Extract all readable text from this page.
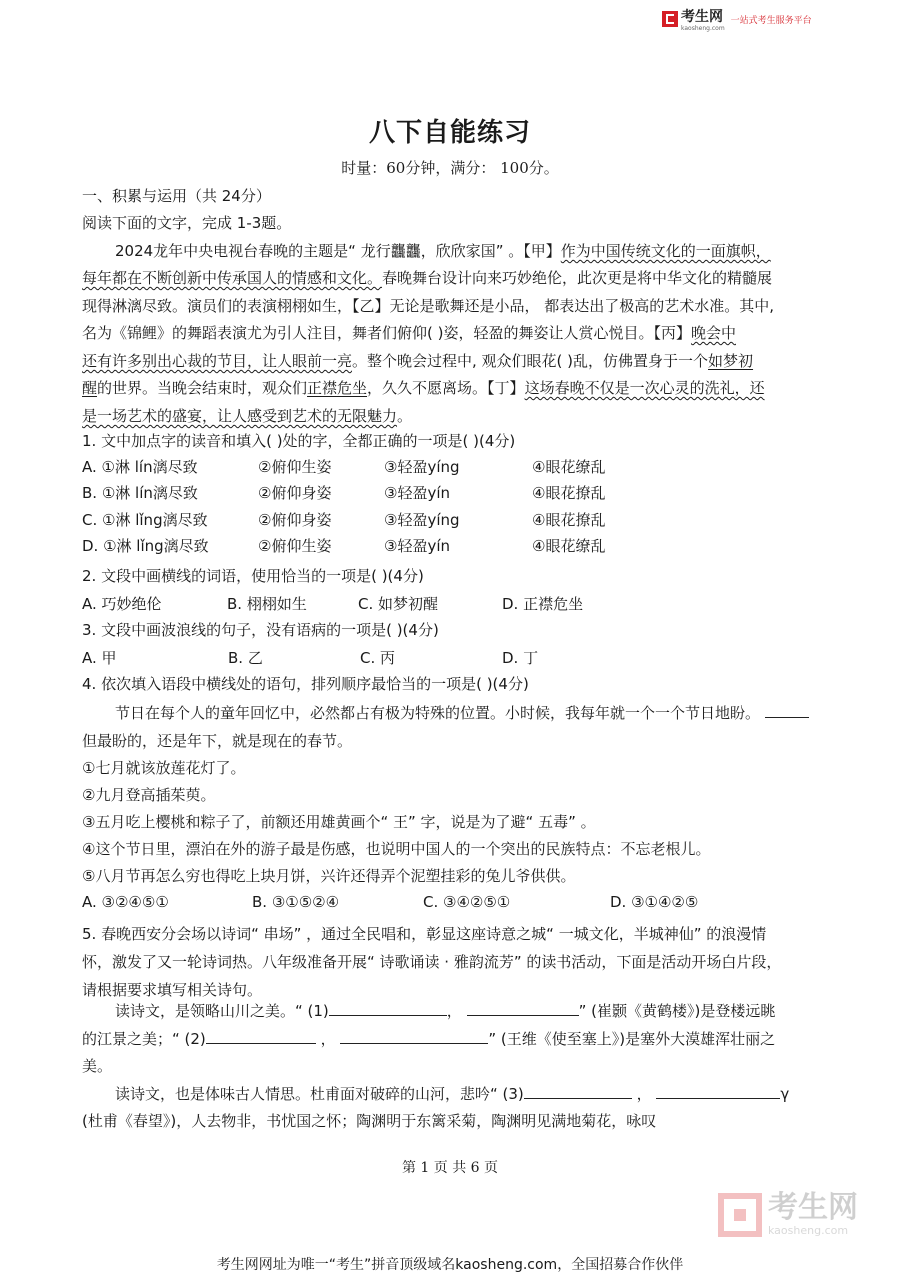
考生网
kaosheng.com
一站式考生服务平台
八下自能练习
时量：60分钟，满分： 100分。
一、积累与运用（共 24分）
阅读下面的文字，完成 1-3题。
2024龙年中央电视台春晚的主题是“ 龙行龘龘，欣欣家国” 。【甲】作为中国传统文化的一面旗帜，
每年都在不断创新中传承国人的情感和文化。春晚舞台设计向来巧妙绝伦，此次更是将中华文化的精髓展
现得淋漓尽致。演员们的表演栩栩如生，【乙】无论是歌舞还是小品， 都表达出了极高的艺术水准。其中,
名为《锦鲤》的舞蹈表演尤为引人注目，舞者们俯仰( )姿，轻盈的舞姿让人赏心悦目。【丙】晚会中
还有许多别出心裁的节目，让人眼前一亮。整个晚会过程中, 观众们眼花( )乱，仿佛置身于一个如梦初
醒的世界。当晚会结束时，观众们正襟危坐，久久不愿离场。【丁】这场春晚不仅是一次心灵的洗礼，还
是一场艺术的盛宴，让人感受到艺术的无限魅力。
1. 文中加点字的读音和填入( )处的字，全都正确的一项是( )(4分)
A. ①淋 lín漓尽致	②俯仰生姿	③轻盈yíng	④眼花缭乱
B. ①淋 lín漓尽致	②俯仰身姿	③轻盈yín	④眼花撩乱
C. ①淋 lǐng漓尽致	②俯仰身姿	③轻盈yíng	④眼花撩乱
D. ①淋 lǐng漓尽致	②俯仰生姿	③轻盈yín	④眼花缭乱
2. 文段中画横线的词语，使用恰当的一项是( )(4分)
A. 巧妙绝伦	B. 栩栩如生	C. 如梦初醒	D. 正襟危坐
3. 文段中画波浪线的句子，没有语病的一项是( )(4分)
A. 甲	B. 乙	C. 丙	D. 丁
4. 依次填入语段中横线处的语句，排列顺序最恰当的一项是( )(4分)
节日在每个人的童年回忆中，必然都占有极为特殊的位置。小时候，我每年就一个一个节日地盼。
但最盼的，还是年下，就是现在的春节。
①七月就该放莲花灯了。
②九月登高插茱萸。
③五月吃上樱桃和粽子了，前额还用雄黄画个“ 王” 字，说是为了避“ 五毒” 。
④这个节日里，漂泊在外的游子最是伤感，也说明中国人的一个突出的民族特点：不忘老根儿。
⑤八月节再怎么穷也得吃上块月饼，兴许还得弄个泥塑挂彩的兔儿爷供供。
A. ③②④⑤①	B. ③①⑤②④	C. ③④②⑤①	D. ③①④②⑤
5. 春晚西安分会场以诗词“ 串场” ，通过全民唱和，彰显这座诗意之城“ 一城文化，半城神仙” 的浪漫情
怀，激发了又一轮诗词热。八年级准备开展“ 诗歌诵读 · 雅韵流芳” 的读书活动，下面是活动开场白片段，
请根据要求填写相关诗句。
读诗文，是领略山川之美。“ (1)	，	” (崔颢《黄鹤楼》)是登楼远眺
的江景之美；“ (2)	，	” (王维《使至塞上》)是塞外大漠雄浑壮丽之
美。
读诗文，也是体味古人情思。杜甫面对破碎的山河，悲吟“ (3)	，	γ
(杜甫《春望》)，人去物非，书忧国之怀；陶渊明于东篱采菊，陶渊明见满地菊花，咏叹
第 1 页 共 6 页
考生网
kaosheng.com
考生网网址为唯一“考生”拼音顶级域名kaosheng.com，全国招募合作伙伴
